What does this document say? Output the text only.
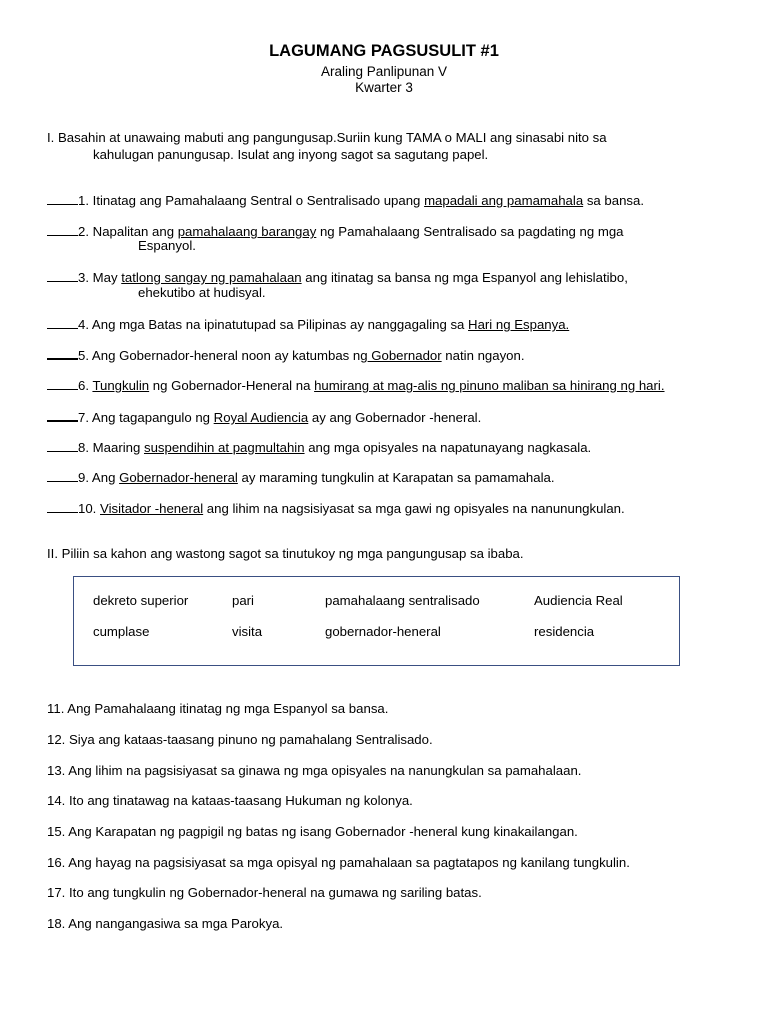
LAGUMANG PAGSUSULIT #1
Araling Panlipunan V
Kwarter 3
I. Basahin at unawaing mabuti ang pangungusap.Suriin kung TAMA o MALI ang sinasabi nito sa
kahulugan panungusap. Isulat ang inyong sagot sa sagutang papel.
1. Itinatag ang Pamahalaang Sentral o Sentralisado upang mapadali ang pamamahala sa bansa.
2. Napalitan ang pamahalaang barangay ng Pamahalaang Sentralisado sa pagdating ng mga
Espanyol.
3. May tatlong sangay ng pamahalaan ang itinatag sa bansa ng mga Espanyol ang lehislatibo,
ehekutibo at hudisyal.
4. Ang mga Batas na ipinatutupad sa Pilipinas ay nanggagaling sa Hari ng Espanya.
5. Ang Gobernador-heneral noon ay katumbas ng Gobernador natin ngayon.
6. Tungkulin ng Gobernador-Heneral na humirang at mag-alis ng pinuno maliban sa hinirang ng hari.
7. Ang tagapangulo ng Royal Audiencia ay ang Gobernador -heneral.
8. Maaring suspendihin at pagmultahin ang mga opisyales na napatunayang nagkasala.
9. Ang Gobernador-heneral ay maraming tungkulin at Karapatan sa pamamahala.
10. Visitador -heneral ang lihim na nagsisiyasat sa mga gawi ng opisyales na nanunungkulan.
II. Piliin sa kahon ang wastong sagot sa tinutukoy ng mga pangungusap sa ibaba.
dekreto superior	pari	pamahalaang sentralisado	Audiencia Real
cumplase	visita	gobernador-heneral	residencia
11. Ang Pamahalaang itinatag ng mga Espanyol sa bansa.
12. Siya ang kataas-taasang pinuno ng pamahalang Sentralisado.
13. Ang lihim na pagsisiyasat sa ginawa ng mga opisyales na nanungkulan sa pamahalaan.
14. Ito ang tinatawag na kataas-taasang Hukuman ng kolonya.
15. Ang Karapatan ng pagpigil ng batas ng isang Gobernador -heneral kung kinakailangan.
16. Ang hayag na pagsisiyasat sa mga opisyal ng pamahalaan sa pagtatapos ng kanilang tungkulin.
17. Ito ang tungkulin ng Gobernador-heneral na gumawa ng sariling batas.
18. Ang nangangasiwa sa mga Parokya.
